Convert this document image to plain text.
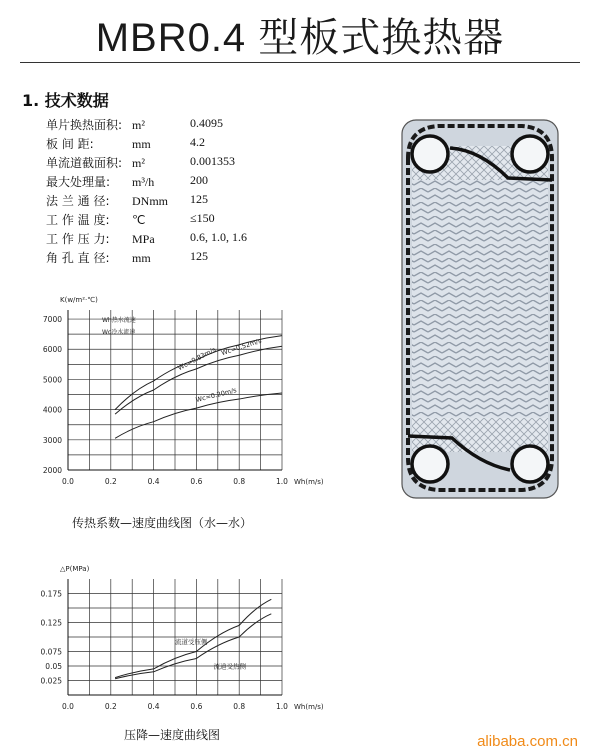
MBR0.4 型板式换热器
1. 技术数据
单片换热面积: m²	0.4095
板 间 距:	mm	4.2
单流道截面积: m²	0.001353
最大处理量: m³/h	200
法 兰 通 径: DNmm 125
工 作 温 度: ℃	≤150
工 作 压 力: MPa	0.6, 1.0, 1.6
角 孔 直 径: mm	125
7000
6000
5000
4000
3000
2000
0.0	0.2	0.4	0.6	0.8	1.0
K(w/m²·℃)
Wh(m/s)
Wc=0.83m/s Wc=0.52m/s
Wc=0.20m/s
Wh热水流速
Wc冷水流速
传热系数—速度曲线图（水—水）
0.175
0.125
0.075
0.05
0.025
0.0	0.2	0.4	0.6	0.8	1.0
△P(MPa)
Wh(m/s)
流道受压侧
流道受热侧
压降—速度曲线图	alibaba.com.cn
